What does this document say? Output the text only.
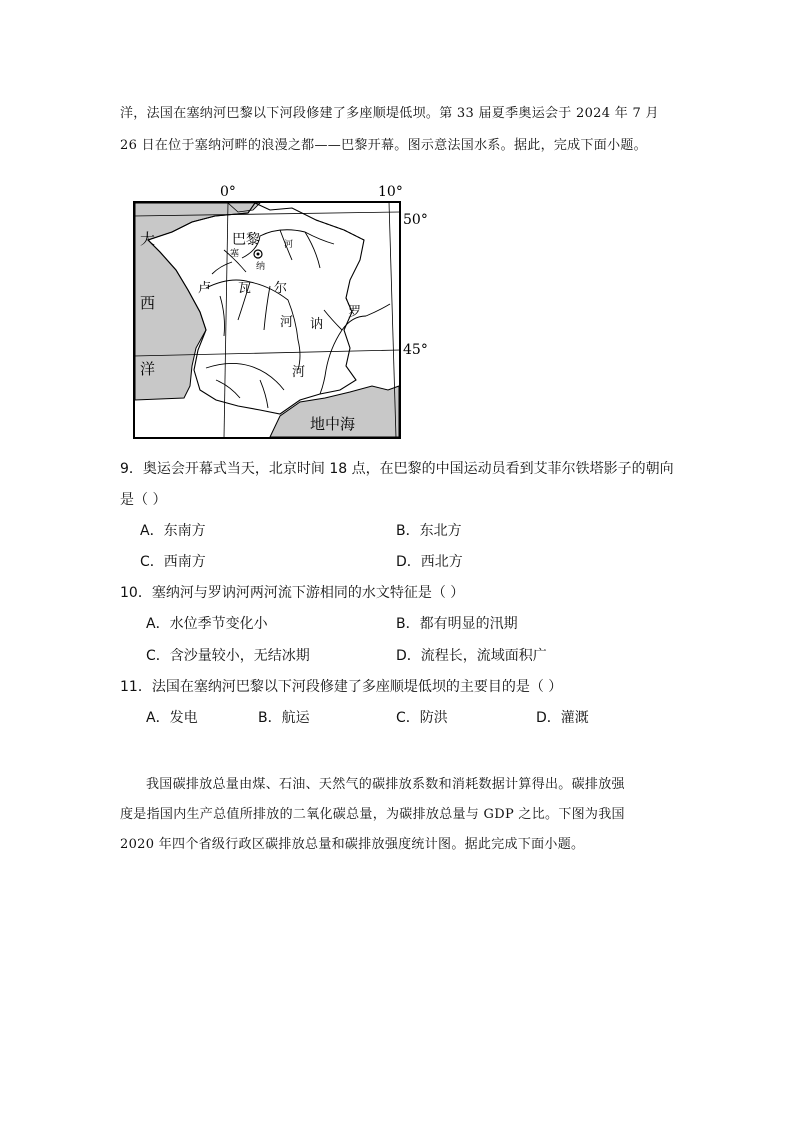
洋，法国在塞纳河巴黎以下河段修建了多座顺堤低坝。第 33 届夏季奥运会于 2024 年 7 月
26 日在位于塞纳河畔的浪漫之都——巴黎开幕。图示意法国水系。据此，完成下面小题。
0°	10°
50°
45°
大
西
洋
巴黎
塞
纳
河
卢 瓦 尔
河
罗
讷
河
地中海
9．奥运会开幕式当天，北京时间 18 点，在巴黎的中国运动员看到艾菲尔铁塔影子的朝向
是（ ）
A．东南方	B．东北方
C．西南方	D．西北方
10．塞纳河与罗讷河两河流下游相同的水文特征是（ ）
A．水位季节变化小	B．都有明显的汛期
C．含沙量较小，无结冰期	D．流程长，流域面积广
11．法国在塞纳河巴黎以下河段修建了多座顺堤低坝的主要目的是（ ）
A．发电	B．航运	C．防洪	D．灌溉
我国碳排放总量由煤、石油、天然气的碳排放系数和消耗数据计算得出。碳排放强
度是指国内生产总值所排放的二氧化碳总量，为碳排放总量与 GDP 之比。下图为我国
2020 年四个省级行政区碳排放总量和碳排放强度统计图。据此完成下面小题。
